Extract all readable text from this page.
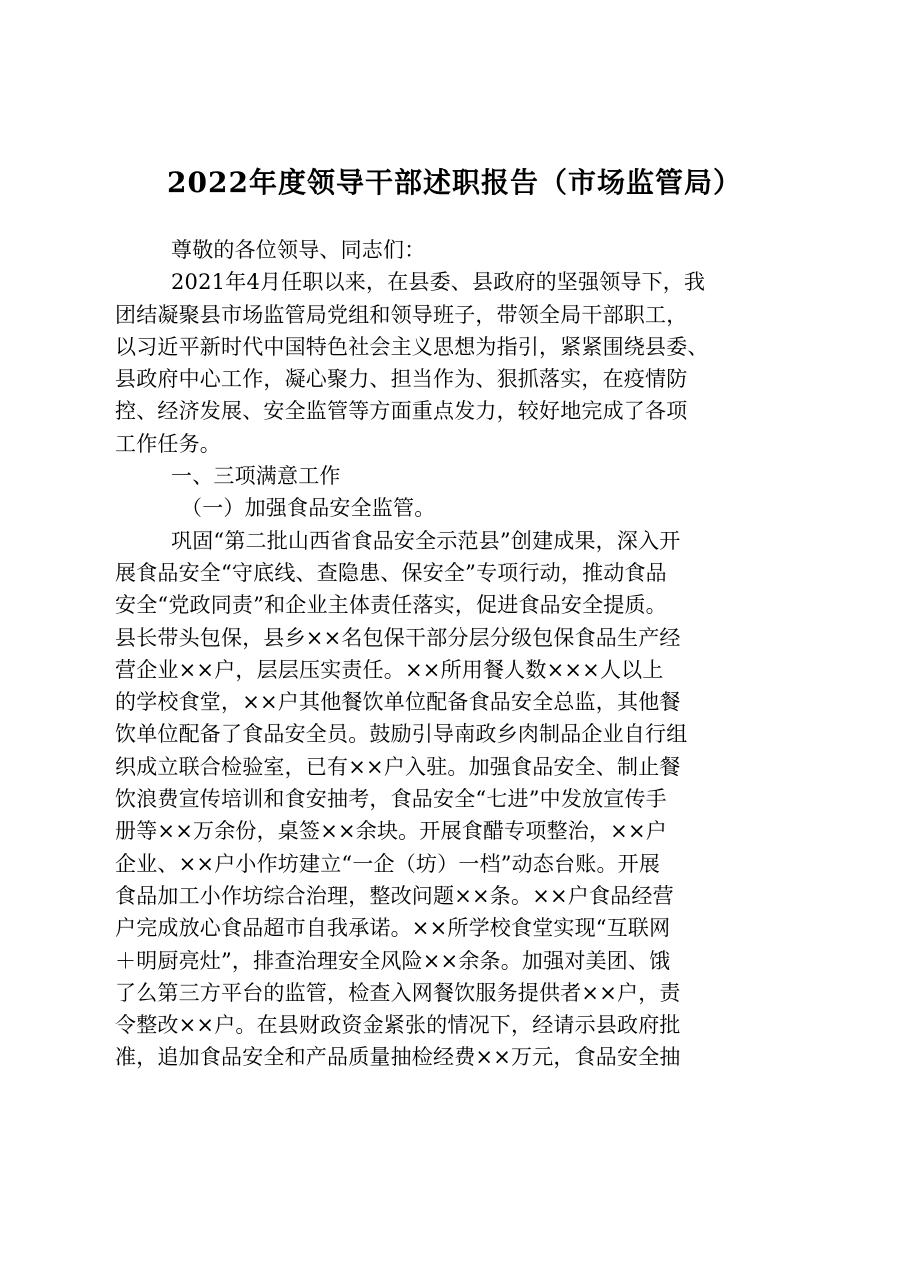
2022年度领导干部述职报告（市场监管局）
尊敬的各位领导、同志们：
2021年4月任职以来，在县委、县政府的坚强领导下，我
团结凝聚县市场监管局党组和领导班子，带领全局干部职工，
以习近平新时代中国特色社会主义思想为指引，紧紧围绕县委、
县政府中心工作，凝心聚力、担当作为、狠抓落实，在疫情防
控、经济发展、安全监管等方面重点发力，较好地完成了各项
工作任务。
一、三项满意工作
（一）加强食品安全监管。
巩固“第二批山西省食品安全示范县”创建成果，深入开
展食品安全“守底线、查隐患、保安全”专项行动，推动食品
安全“党政同责”和企业主体责任落实，促进食品安全提质。
县长带头包保，县乡××名包保干部分层分级包保食品生产经
营企业××户，层层压实责任。××所用餐人数×××人以上
的学校食堂，××户其他餐饮单位配备食品安全总监，其他餐
饮单位配备了食品安全员。鼓励引导南政乡肉制品企业自行组
织成立联合检验室，已有××户入驻。加强食品安全、制止餐
饮浪费宣传培训和食安抽考，食品安全“七进”中发放宣传手
册等××万余份，桌签××余块。开展食醋专项整治，××户
企业、××户小作坊建立“一企（坊）一档”动态台账。开展
食品加工小作坊综合治理，整改问题××条。××户食品经营
户完成放心食品超市自我承诺。××所学校食堂实现“互联网
＋明厨亮灶”，排查治理安全风险××余条。加强对美团、饿
了么第三方平台的监管，检查入网餐饮服务提供者××户，责
令整改××户。在县财政资金紧张的情况下，经请示县政府批
准，追加食品安全和产品质量抽检经费××万元，食品安全抽
